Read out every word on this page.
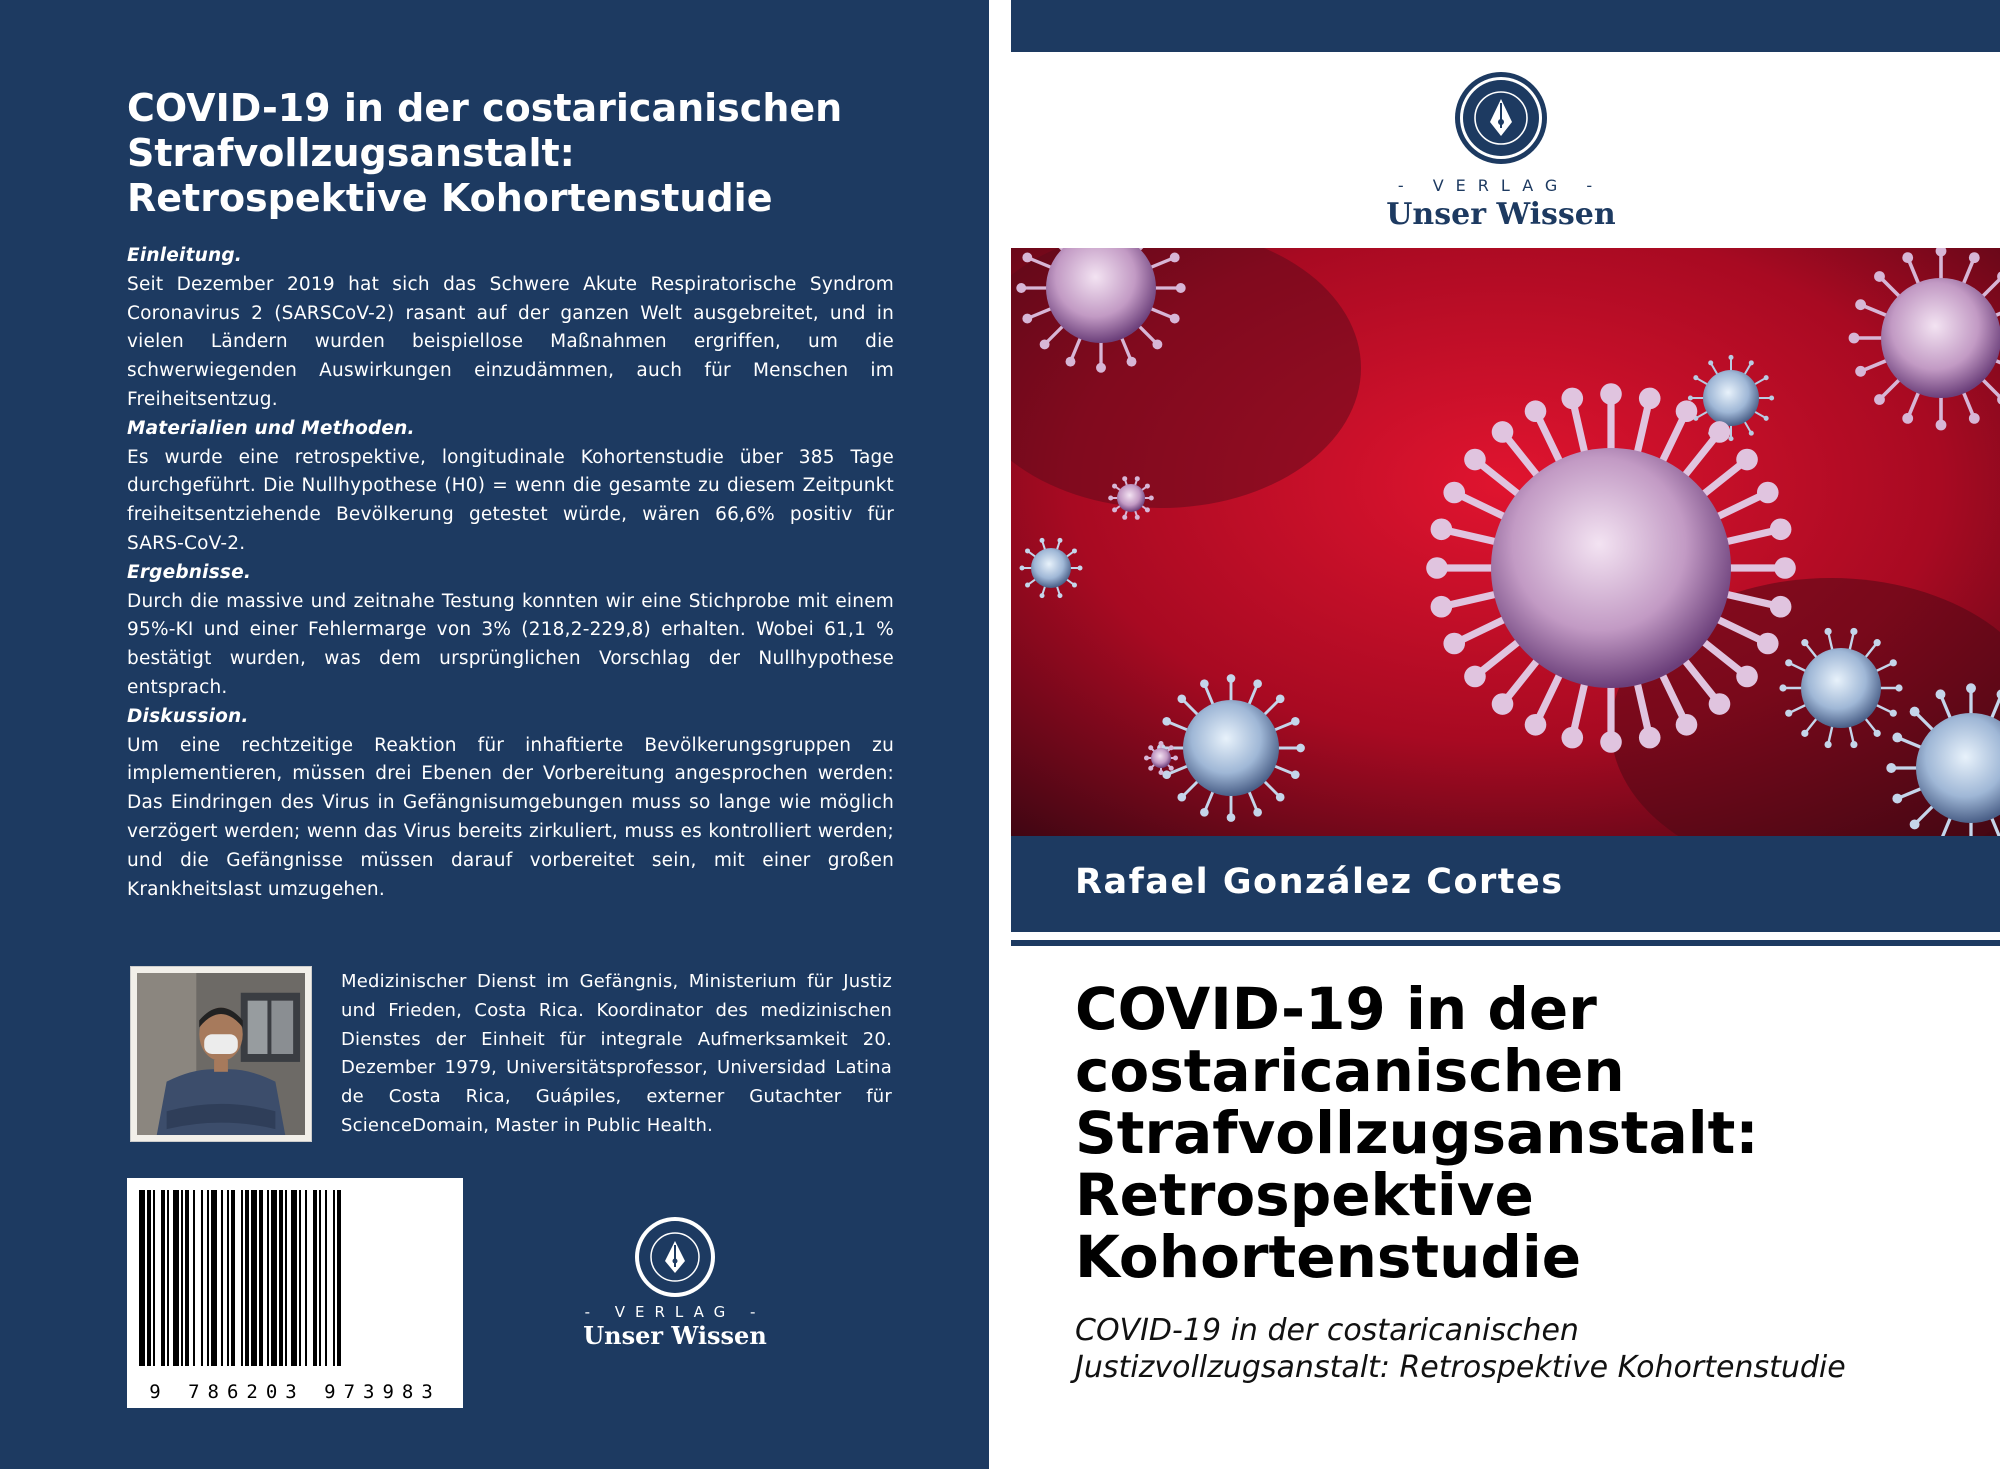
COVID-19 in der costaricanischen
Strafvollzugsanstalt:
Retrospektive Kohortenstudie
Einleitung.
Seit Dezember 2019 hat sich das Schwere Akute Respiratorische Syndrom Coronavirus 2 (SARSCoV-2) rasant auf der ganzen Welt ausgebreitet, und in vielen Ländern wurden beispiellose Maßnahmen ergriffen, um die schwerwiegenden Auswirkungen einzudämmen, auch für Menschen im Freiheitsentzug.
Materialien und Methoden.
Es wurde eine retrospektive, longitudinale Kohortenstudie über 385 Tage durchgeführt. Die Nullhypothese (H0) = wenn die gesamte zu diesem Zeitpunkt freiheitsentziehende Bevölkerung getestet würde, wären 66,6% positiv für SARS-CoV-2.
Ergebnisse.
Durch die massive und zeitnahe Testung konnten wir eine Stichprobe mit einem 95%-KI und einer Fehlermarge von 3% (218,2-229,8) erhalten. Wobei 61,1 % bestätigt wurden, was dem ursprünglichen Vorschlag der Nullhypothese entsprach.
Diskussion.
Um eine rechtzeitige Reaktion für inhaftierte Bevölkerungsgruppen zu implementieren, müssen drei Ebenen der Vorbereitung angesprochen werden: Das Eindringen des Virus in Gefängnisumgebungen muss so lange wie möglich verzögert werden; wenn das Virus bereits zirkuliert, muss es kontrolliert werden; und die Gefängnisse müssen darauf vorbereitet sein, mit einer großen Krankheitslast umzugehen.
Medizinischer Dienst im Gefängnis, Ministerium für Justiz und Frieden, Costa Rica. Koordinator des medizinischen Dienstes der Einheit für integrale Aufmerksamkeit 20. Dezember 1979, Universitätsprofessor, Universidad Latina de Costa Rica, Guápiles, externer Gutachter für ScienceDomain, Master in Public Health.
9 786203 973983
- VERLAG -
Unser Wissen
- VERLAG -
Unser Wissen
Rafael González Cortes
COVID-19 in der
costaricanischen
Strafvollzugsanstalt:
Retrospektive
Kohortenstudie
COVID-19 in der costaricanischen
Justizvollzugsanstalt: Retrospektive Kohortenstudie
